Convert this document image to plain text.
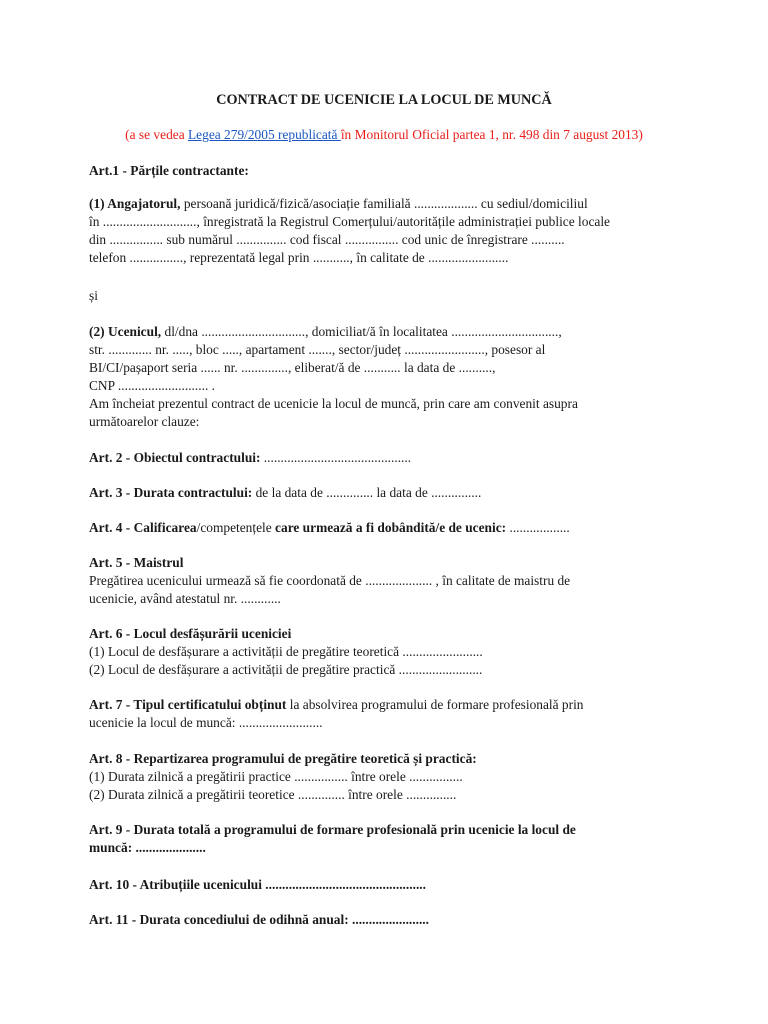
CONTRACT DE UCENICIE LA LOCUL DE MUNCĂ
(a se vedea Legea 279/2005 republicată în Monitorul Oficial partea 1, nr. 498 din 7 august 2013)
Art.1 - Părțile contractante:
(1) Angajatorul, persoană juridică/fizică/asociație familială ................... cu sediul/domiciliul
în ............................, înregistrată la Registrul Comerțului/autoritățile administrației publice locale
din ................ sub numărul ............... cod fiscal ................ cod unic de înregistrare ..........
telefon ................, reprezentată legal prin ..........., în calitate de ........................
și
(2) Ucenicul, dl/dna ..............................., domiciliat/ă în localitatea ................................,
str. ............. nr. ....., bloc ....., apartament ......., sector/județ ........................, posesor al
BI/CI/pașaport seria ...... nr. .............., eliberat/ă de ........... la data de ..........,
CNP ........................... .
Am încheiat prezentul contract de ucenicie la locul de muncă, prin care am convenit asupra
următoarelor clauze:
Art. 2 - Obiectul contractului: ............................................
Art. 3 - Durata contractului: de la data de .............. la data de ...............
Art. 4 - Calificarea/competențele care urmează a fi dobândită/e de ucenic: ..................
Art. 5 - Maistrul
Pregătirea ucenicului urmează să fie coordonată de .................... , în calitate de maistru de
ucenicie, având atestatul nr. ............
Art. 6 - Locul desfășurării uceniciei
(1) Locul de desfășurare a activității de pregătire teoretică ........................
(2) Locul de desfășurare a activității de pregătire practică .........................
Art. 7 - Tipul certificatului obținut la absolvirea programului de formare profesională prin
ucenicie la locul de muncă: .........................
Art. 8 - Repartizarea programului de pregătire teoretică și practică:
(1) Durata zilnică a pregătirii practice ................ între orele ................
(2) Durata zilnică a pregătirii teoretice .............. între orele ...............
Art. 9 - Durata totală a programului de formare profesională prin ucenicie la locul de
muncă: .....................
Art. 10 - Atribuțiile ucenicului ................................................
Art. 11 - Durata concediului de odihnă anual: .......................
